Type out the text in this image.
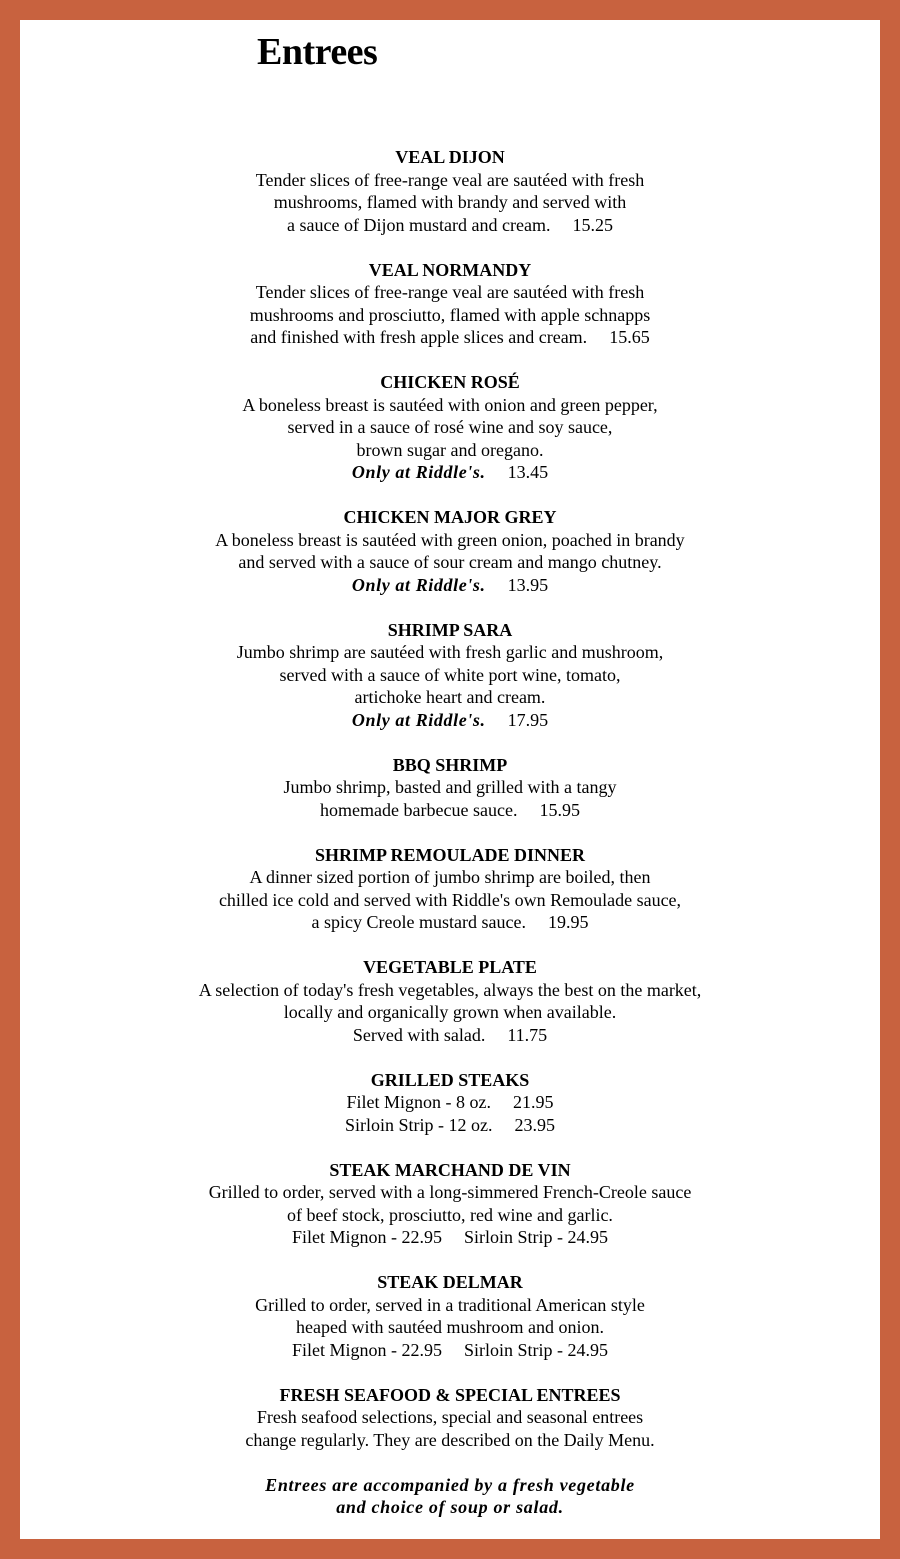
Entrees
VEAL DIJON
Tender slices of free-range veal are sautéed with fresh
mushrooms, flamed with brandy and served with
a sauce of Dijon mustard and cream. 15.25
VEAL NORMANDY
Tender slices of free-range veal are sautéed with fresh
mushrooms and prosciutto, flamed with apple schnapps
and finished with fresh apple slices and cream. 15.65
CHICKEN ROSÉ
A boneless breast is sautéed with onion and green pepper,
served in a sauce of rosé wine and soy sauce,
brown sugar and oregano.
Only at Riddle's. 13.45
CHICKEN MAJOR GREY
A boneless breast is sautéed with green onion, poached in brandy
and served with a sauce of sour cream and mango chutney.
Only at Riddle's. 13.95
SHRIMP SARA
Jumbo shrimp are sautéed with fresh garlic and mushroom,
served with a sauce of white port wine, tomato,
artichoke heart and cream.
Only at Riddle's. 17.95
BBQ SHRIMP
Jumbo shrimp, basted and grilled with a tangy
homemade barbecue sauce. 15.95
SHRIMP REMOULADE DINNER
A dinner sized portion of jumbo shrimp are boiled, then
chilled ice cold and served with Riddle's own Remoulade sauce,
a spicy Creole mustard sauce. 19.95
VEGETABLE PLATE
A selection of today's fresh vegetables, always the best on the market,
locally and organically grown when available.
Served with salad. 11.75
GRILLED STEAKS
Filet Mignon - 8 oz. 21.95
Sirloin Strip - 12 oz. 23.95
STEAK MARCHAND DE VIN
Grilled to order, served with a long-simmered French-Creole sauce
of beef stock, prosciutto, red wine and garlic.
Filet Mignon - 22.95 Sirloin Strip - 24.95
STEAK DELMAR
Grilled to order, served in a traditional American style
heaped with sautéed mushroom and onion.
Filet Mignon - 22.95 Sirloin Strip - 24.95
FRESH SEAFOOD & SPECIAL ENTREES
Fresh seafood selections, special and seasonal entrees
change regularly. They are described on the Daily Menu.
Entrees are accompanied by a fresh vegetable
and choice of soup or salad.
